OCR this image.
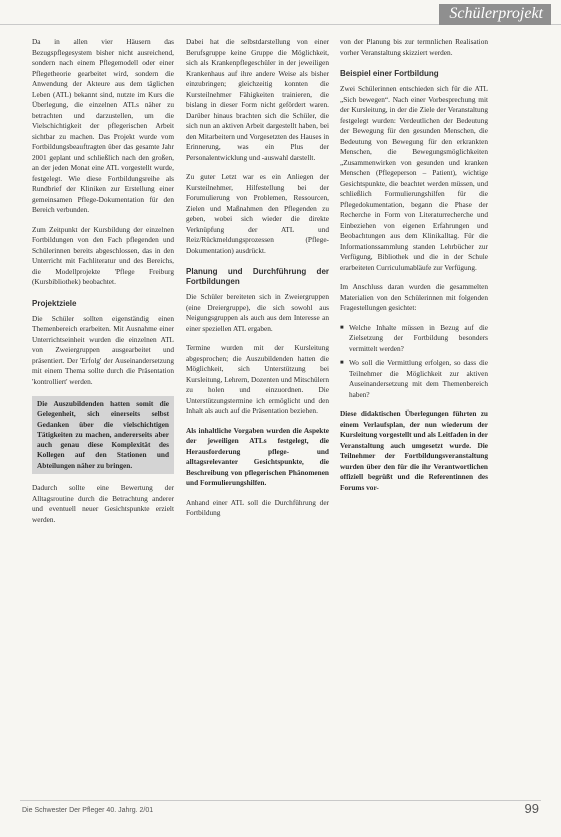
Schülerprojekt

Da in allen vier Häusern das Bezugspflegesystem bisher nicht ausreichend, sondern nach einem Pflegemodell oder einer Pflegetheorie gearbeitet wird, sondern die Anwendung der Akteure aus dem täglichen Leben (ATL) bekannt sind, nutzte im Kurs die Überlegung, die einzelnen ATLs näher zu betrachten und darzustellen, um die Vielschichtigkeit der pflegerischen Arbeit sichtbar zu machen. Das Projekt wurde vom Fortbildungsbeauftragten über das gesamte Jahr 2001 geplant und schließlich nach den großen, an der jeden Monat eine ATL vorgestellt wurde, festgelegt. Wie diese Fortbildungsreihe als Rundbrief der Kliniken zur Erstellung einer gemeinsamen Pflege-Dokumentation für den Bereich verbunden.

Zum Zeitpunkt der Kursbildung der einzelnen Fortbildungen von den Fach pflegenden und Schülerinnen bereits abgeschlossen, das in den Unterricht mit Fachliteratur und des Bereichs, die Modellprojekte 'Pflege Freiburg (Kursbibliothek) beobachtet.

Projektziele

Die Schüler sollten eigenständig einen Themenbereich erarbeiten. Mit Ausnahme einer Unterrichtseinheit wurden die einzelnen ATL von Zweiergruppen ausgearbeitet und präsentiert. Der 'Erfolg' der Auseinandersetzung mit einem Thema sollte durch die Präsentation 'kontrolliert' werden.

Die Auszubildenden hatten somit die Gelegenheit, sich einerseits selbst Gedanken über die vielschichtigen Tätigkeiten zu machen, andererseits aber auch genau diese Komplexität des Kollegen auf den Stationen und Abteilungen näher zu bringen.

Dadurch sollte eine Bewertung der Alltagsroutine durch die Betrachtung anderer und eventuell neuer Gesichtspunkte erzielt werden.

Dabei hat die selbstdarstellung von einer Berufsgruppe keine Gruppe die Möglichkeit, sich als Krankenpflegeschüler in der jeweiligen Krankenhaus auf ihre andere Weise als bisher einzubringen; gleichzeitig konnten die Kursteilnehmer Fähigkeiten trainieren, die bislang in dieser Form nicht gefördert waren. Darüber hinaus brachten sich die Schüler, die sich nun an aktiven Arbeit dargestellt haben, bei den Mitarbeitern und Vorgesetzten des Hauses in Erinnerung, was ein Plus der Personalentwicklung und -auswahl darstellt.

Zu guter Letzt war es ein Anliegen der Kursteilnehmer, Hilfestellung bei der Forumulierung von Problemen, Ressourcen, Zielen und Maßnahmen den Pflegenden zu geben, wobei sich wieder die direkte Verknüpfung der ATL und Reiz/Rückmeldungsprozessen (Pflege-Dokumentation) ausdrückt.

Planung und Durchführung der Fortbildungen

Die Schüler bereiteten sich in Zweiergruppen (eine Dreiergruppe), die sich sowohl aus Neigungsgruppen als auch aus dem Interesse an einer speziellen ATL ergaben.

Termine wurden mit der Kursleitung abgesprochen; die Auszubildenden hatten die Möglichkeit, sich Unterstützung bei Kursleitung, Lehrern, Dozenten und Mitschülern zu holen und einzuordnen. Die Unterstützungstermine ich ermöglicht und den Inhalt als auch auf die Präsentation beziehen.

Als inhaltliche Vorgaben wurden die Aspekte der jeweiligen ATLs festgelegt, die Herausforderung pflege- und alltagsrelevanter Gesichtspunkte, die Beschreibung von pflegerischen Phänomenen und Formulierungshilfen.

Anhand einer ATL soll die Durchführung der Fortbildung

von der Planung bis zur termnlichen Realisation vorher Veranstaltung skizziert werden.

Beispiel einer Fortbildung

Zwei Schülerinnen entschieden sich für die ATL „Sich bewegen“. Nach einer Vorbesprechung mit der Kursleitung, in der die Ziele der Veranstaltung festgelegt wurden: Verdeutlichen der Bedeutung der Bewegung für den gesunden Menschen, die Bedeutung von Bewegung für den erkrankten Menschen, die Bewegungsmöglichkeiten „Zusammenwirken von gesunden und kranken Menschen (Pflegeperson – Patient), wichtige Gesichtspunkte, die beachtet werden müssen, und schließlich Formulierungshilfen für die Pflegedokumentation, begann die Phase der Recherche in Form von Literaturrecherche und Einbeziehen von eigenen Erfahrungen und Beobachtungen aus dem Klinikalltag. Für die Informationssammlung standen Lehrbücher zur Verfügung, Bibliothek und die in der Schule erarbeiteten Curriculumabläufe zur Verfügung.

Im Anschluss daran wurden die gesammelten Materialien von den Schülerinnen mit folgenden Fragestellungen gesichtet:

■ Welche Inhalte müssen in Bezug auf die Zielsetzung der Fortbildung besonders vermittelt werden?
■ Wo soll die Vermittlung erfolgen, so dass die Teilnehmer die Möglichkeit zur aktiven Auseinandersetzung mit dem Themenbereich haben?

Diese didaktischen Überlegungen führten zu einem Verlaufsplan, der nun wiederum der Kursleitung vorgestellt und als Leitfaden in der Veranstaltung auch umgesetzt wurde. Die Teilnehmer der Fortbildungsveranstaltung wurden über den für die ihr Verantwortlichen offiziell begrüßt und die Referentinnen des Forums vor-

Die Schwester Der Pfleger 40. Jahrg. 2/01	99
